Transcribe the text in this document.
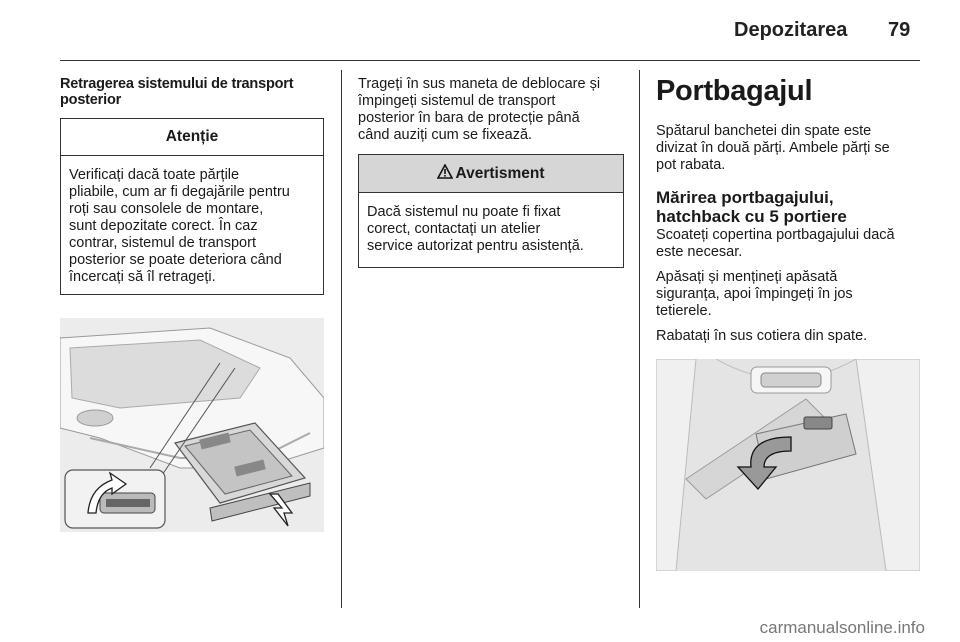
Depozitarea 79

Retragerea sistemului de transport
posterior

Atenție
Verificați dacă toate părțile
pliabile, cum ar fi degajările pentru
roți sau consolele de montare,
sunt depozitate corect. În caz
contrar, sistemul de transport
posterior se poate deteriora când
încercați să îl retrageți.

Trageți în sus maneta de deblocare și
împingeți sistemul de transport
posterior în bara de protecție până
când auziți cum se fixează.

Avertisment
Dacă sistemul nu poate fi fixat
corect, contactați un atelier
service autorizat pentru asistență.
Portbagajul

Spătarul banchetei din spate este
divizat în două părți. Ambele părți se
pot rabata.

Mărirea portbagajului,
hatchback cu 5 portiere

Scoateți copertina portbagajului dacă
este necesar.

Apăsați și mențineți apăsată
siguranța, apoi împingeți în jos
tetierele.

Rabatați în sus cotiera din spate.

carmanualsonline.info
